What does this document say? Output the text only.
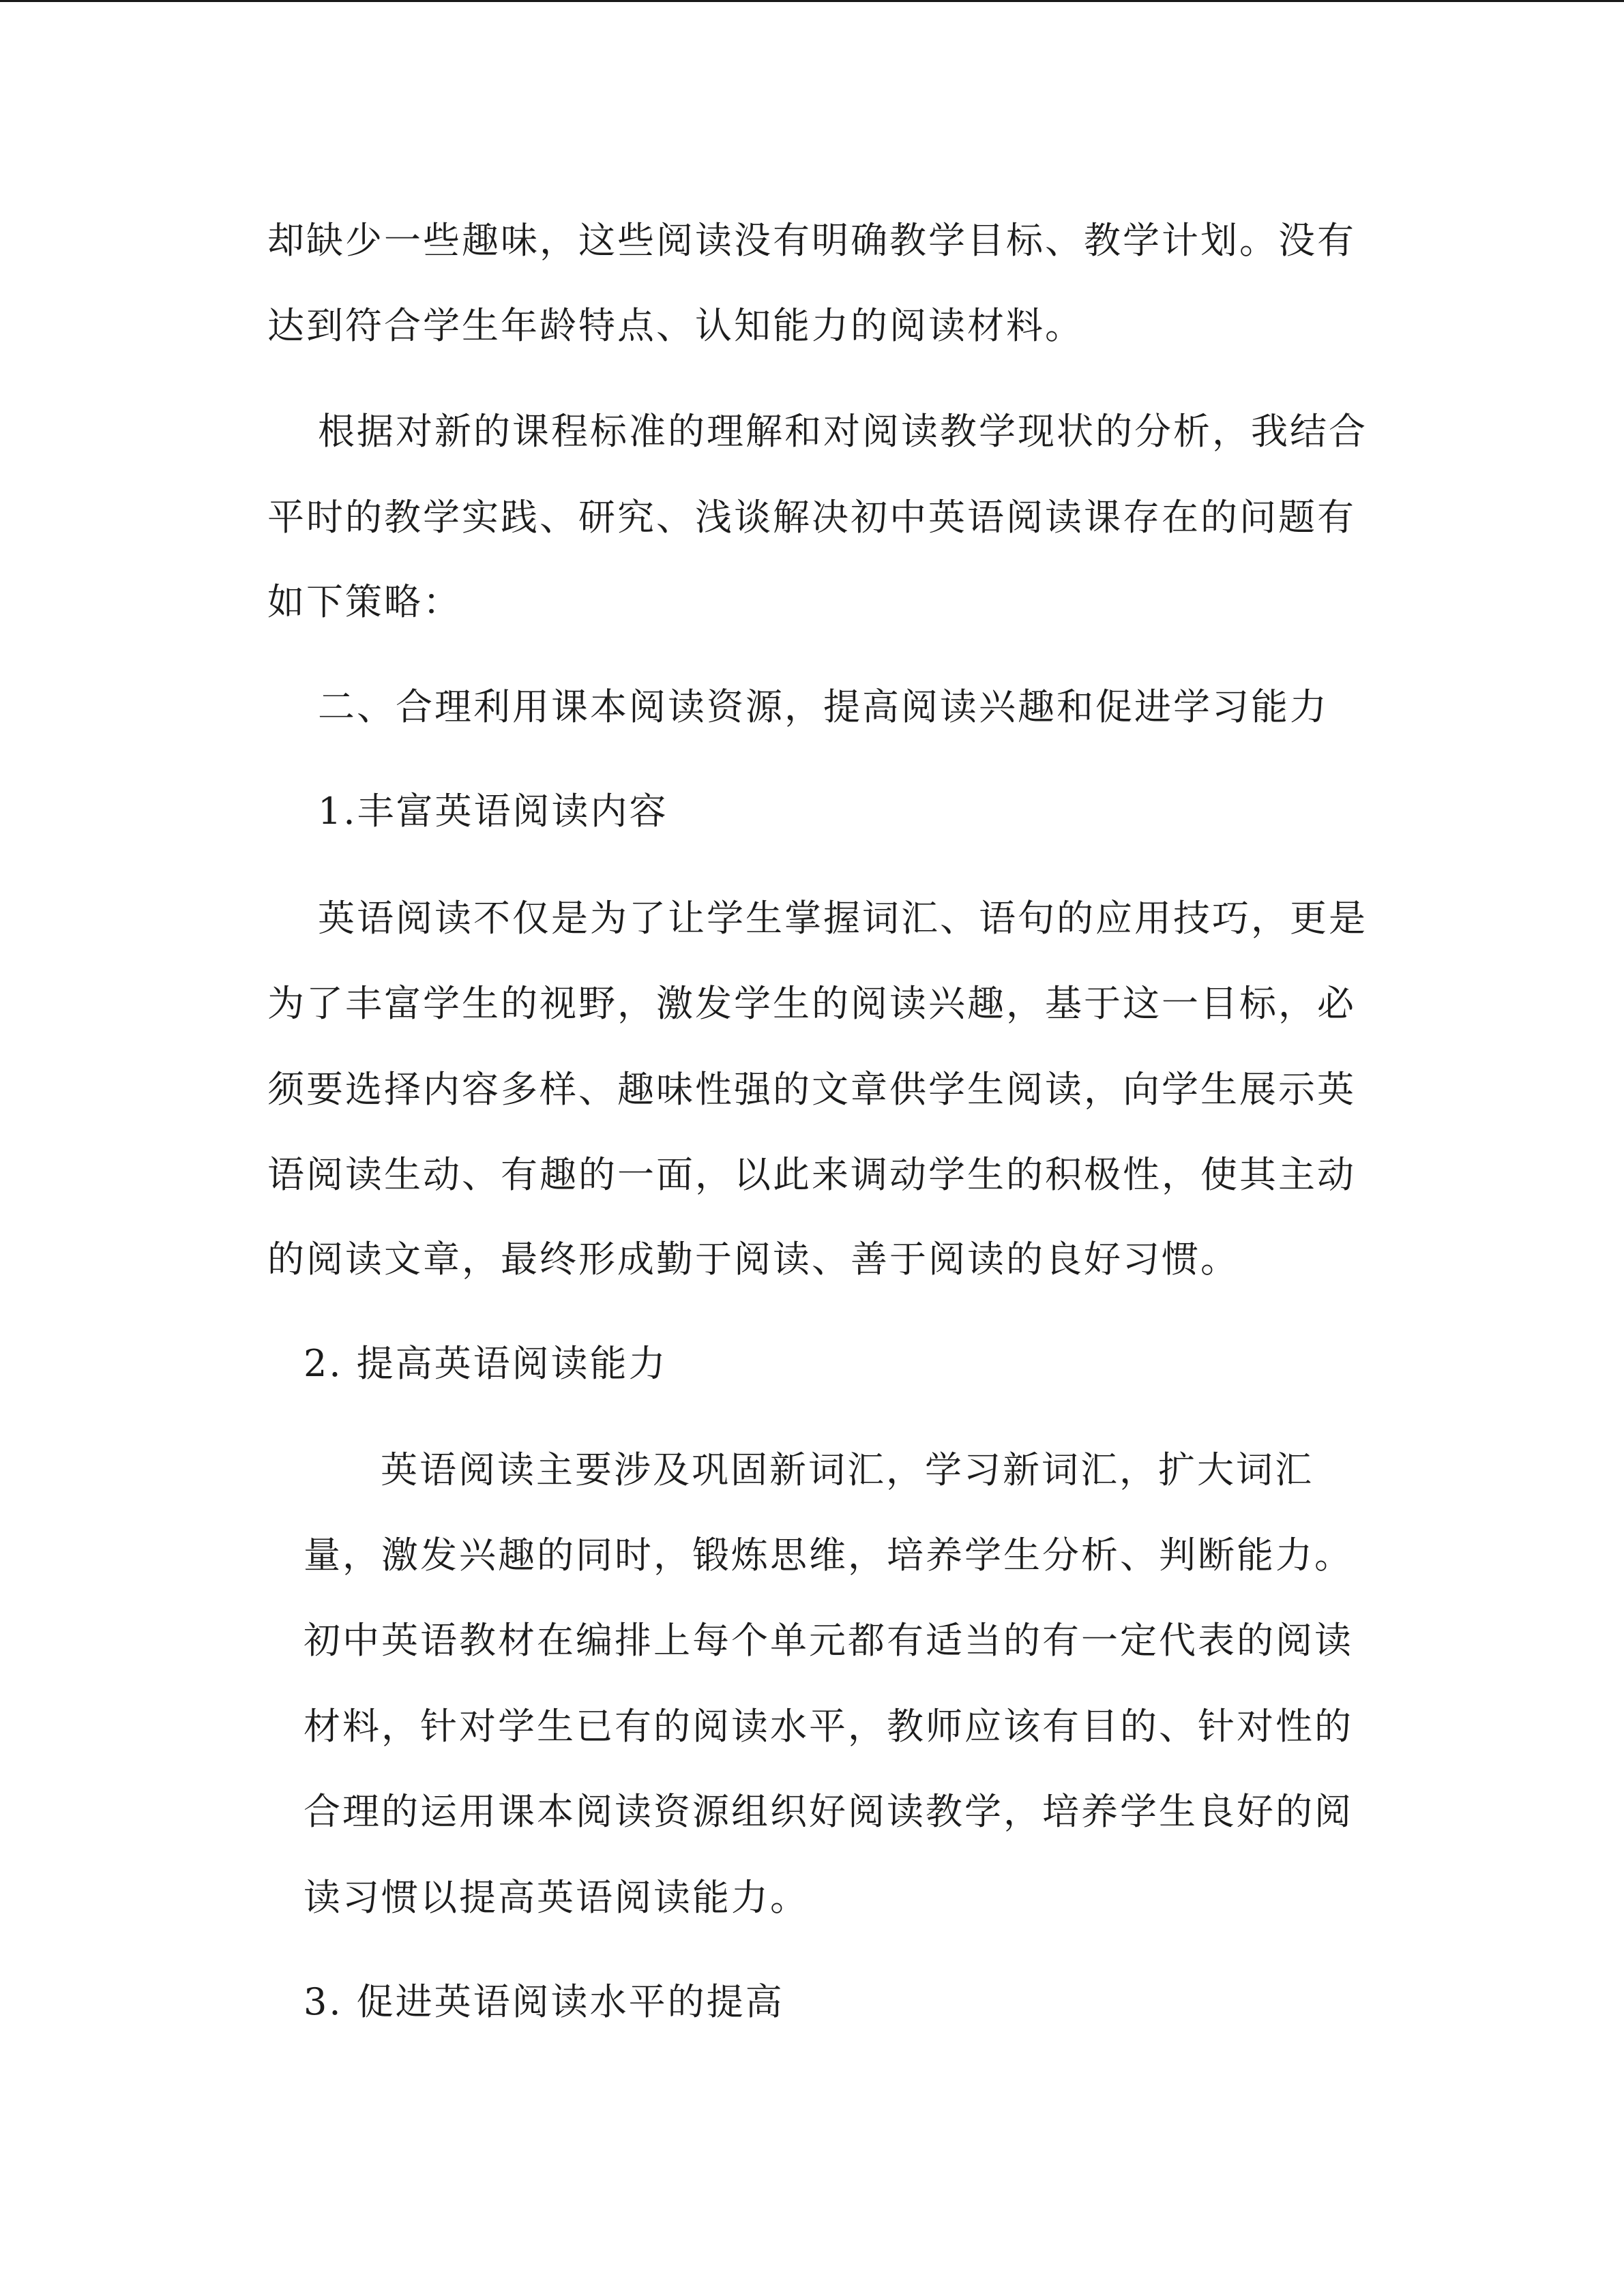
却缺少一些趣味，这些阅读没有明确教学目标、教学计划。没有

达到符合学生年龄特点、认知能力的阅读材料。

根据对新的课程标准的理解和对阅读教学现状的分析，我结合

平时的教学实践、研究、浅谈解决初中英语阅读课存在的问题有

如下策略：

二、合理利用课本阅读资源，提高阅读兴趣和促进学习能力

1.丰富英语阅读内容

英语阅读不仅是为了让学生掌握词汇、语句的应用技巧，更是

为了丰富学生的视野，激发学生的阅读兴趣，基于这一目标，必

须要选择内容多样、趣味性强的文章供学生阅读，向学生展示英

语阅读生动、有趣的一面，以此来调动学生的积极性，使其主动

的阅读文章，最终形成勤于阅读、善于阅读的良好习惯。

2. 提高英语阅读能力

英语阅读主要涉及巩固新词汇，学习新词汇，扩大词汇

量，激发兴趣的同时，锻炼思维，培养学生分析、判断能力。

初中英语教材在编排上每个单元都有适当的有一定代表的阅读

材料，针对学生已有的阅读水平，教师应该有目的、针对性的

合理的运用课本阅读资源组织好阅读教学，培养学生良好的阅

读习惯以提高英语阅读能力。

3. 促进英语阅读水平的提高
